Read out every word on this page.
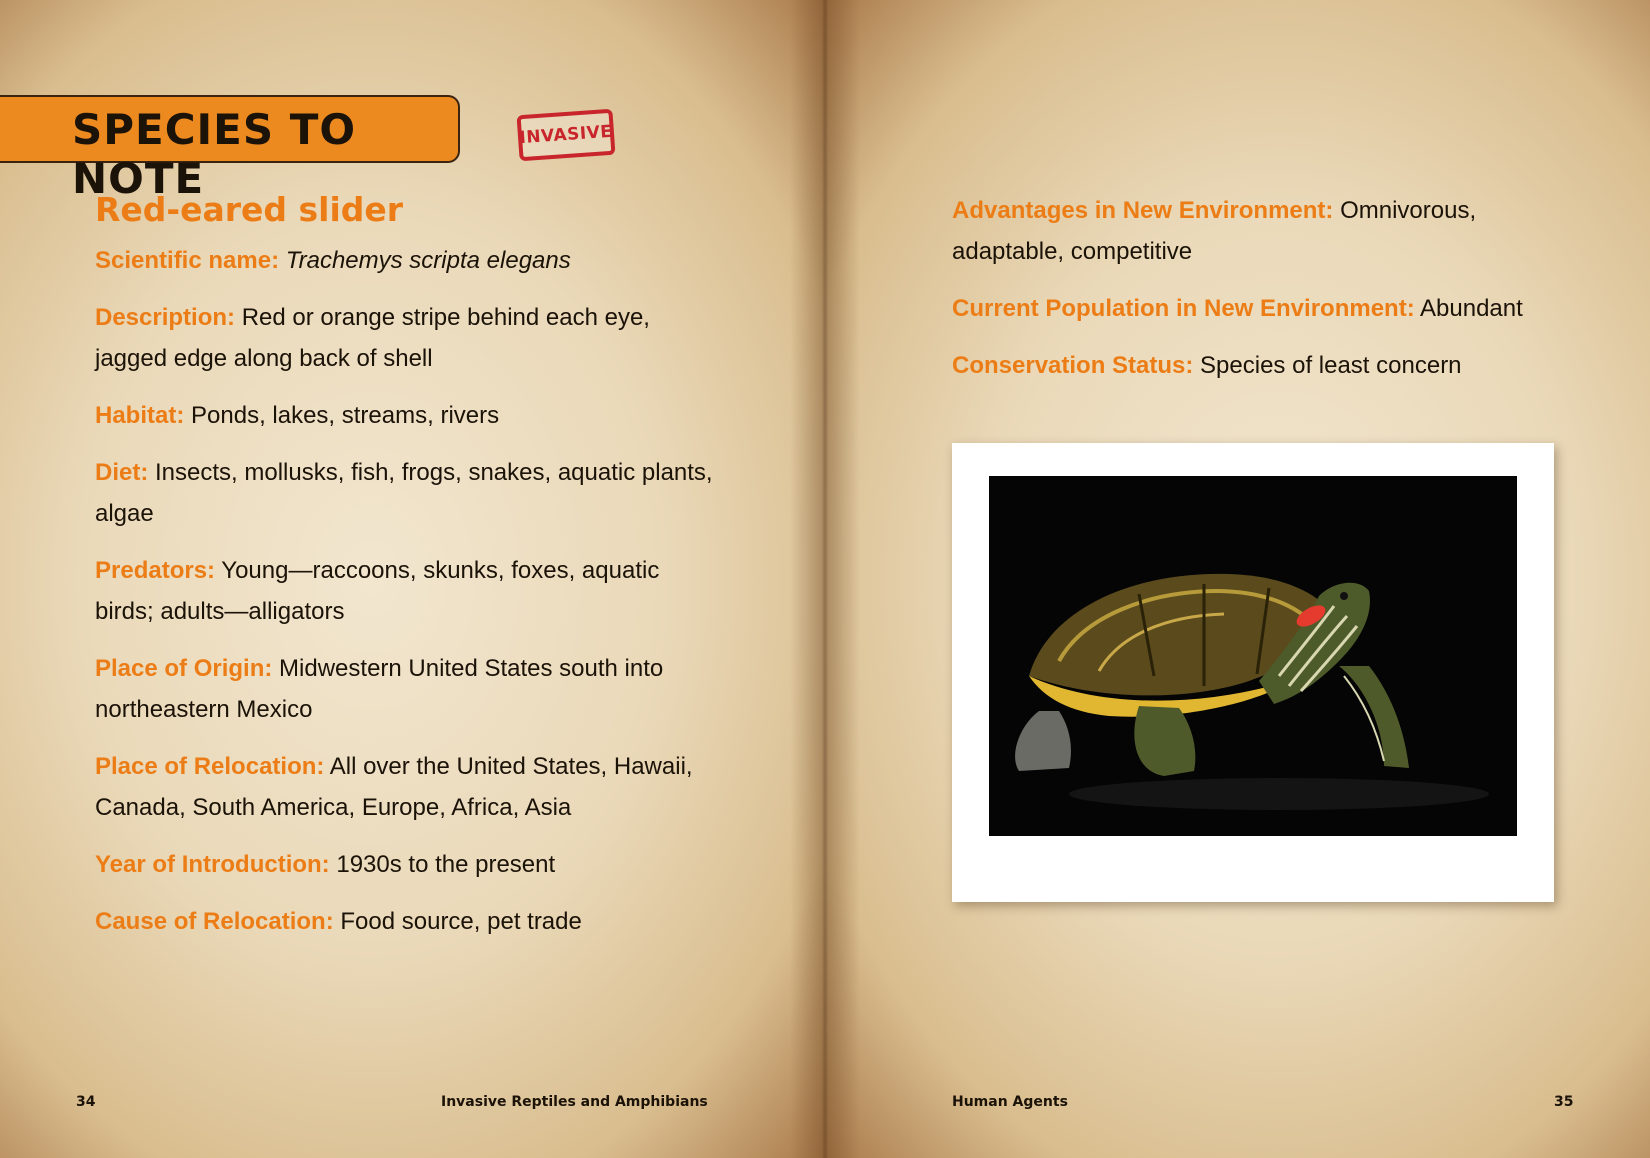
SPECIES TO NOTE
INVASIVE
Red-eared slider
Scientific name: Trachemys scripta elegans
Description: Red or orange stripe behind each eye, jagged edge along back of shell
Habitat: Ponds, lakes, streams, rivers
Diet: Insects, mollusks, fish, frogs, snakes, aquatic plants, algae
Predators: Young—raccoons, skunks, foxes, aquatic birds; adults—alligators
Place of Origin: Midwestern United States south into northeastern Mexico
Place of Relocation: All over the United States, Hawaii, Canada, South America, Europe, Africa, Asia
Year of Introduction: 1930s to the present
Cause of Relocation: Food source, pet trade
Advantages in New Environment: Omnivorous, adaptable, competitive
Current Population in New Environment: Abundant
Conservation Status: Species of least concern
34	Invasive Reptiles and Amphibians	Human Agents	35
